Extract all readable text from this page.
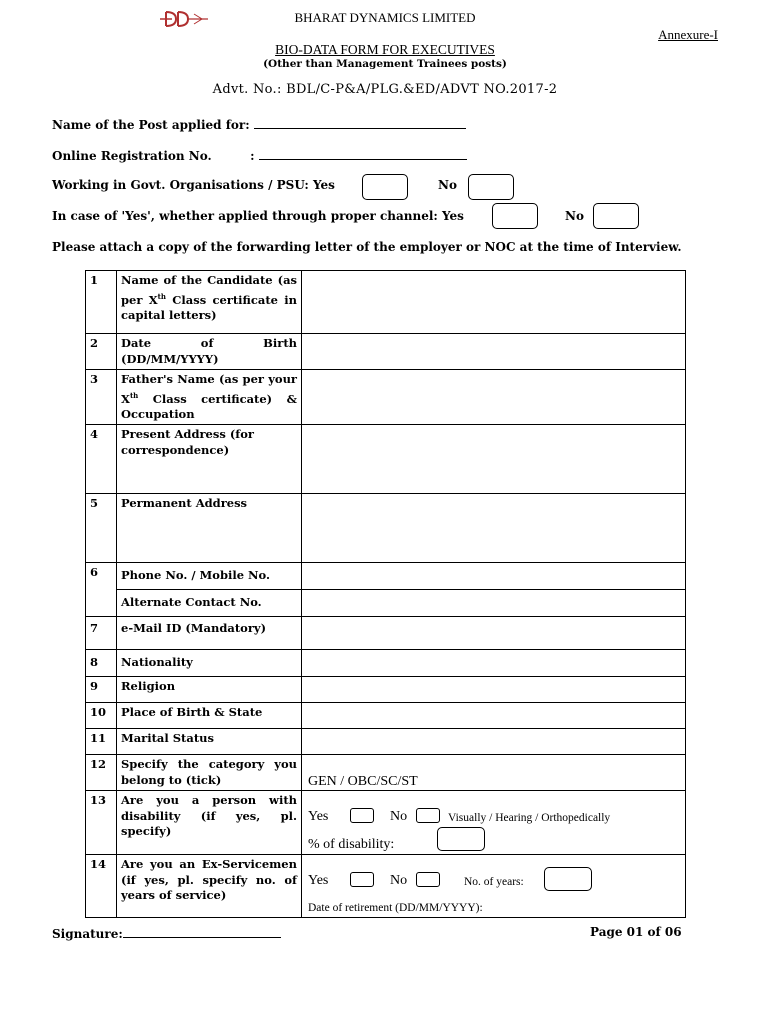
BHARAT DYNAMICS LIMITED
Annexure-I
BIO-DATA FORM FOR EXECUTIVES
(Other than Management Trainees posts)
Advt. No.: BDL/C-P&A/PLG.&ED/ADVT NO.2017-2
Name of the Post applied for:
Online Registration No.	:
Working in Govt. Organisations / PSU: Yes	No
In case of 'Yes', whether applied through proper channel: Yes	No
Please attach a copy of the forwarding letter of the employer or NOC at the time of Interview.
1	Name of the Candidate (as per Xth Class certificate in capital letters)	
2	Date of Birth (DD/MM/YYYY)	
3	Father's Name (as per your Xth Class certificate) & Occupation	
4	Present Address (for correspondence)	
5	Permanent Address	
6	Phone No. / Mobile No.	
	Alternate Contact No.	
7	e-Mail ID (Mandatory)	
8	Nationality	
9	Religion	
10	Place of Birth & State	
11	Marital Status	
12	Specify the category you belong to (tick)	GEN / OBC/SC/ST
13	Are you a person with disability (if yes, pl. specify)	Yes No Visually / Hearing / Orthopedically
% of disability:

14	Are you an Ex-Servicemen (if yes, pl. specify no. of years of service)	Yes No No. of years:
Date of retirement (DD/MM/YYYY):
Signature:	Page 01 of 06
